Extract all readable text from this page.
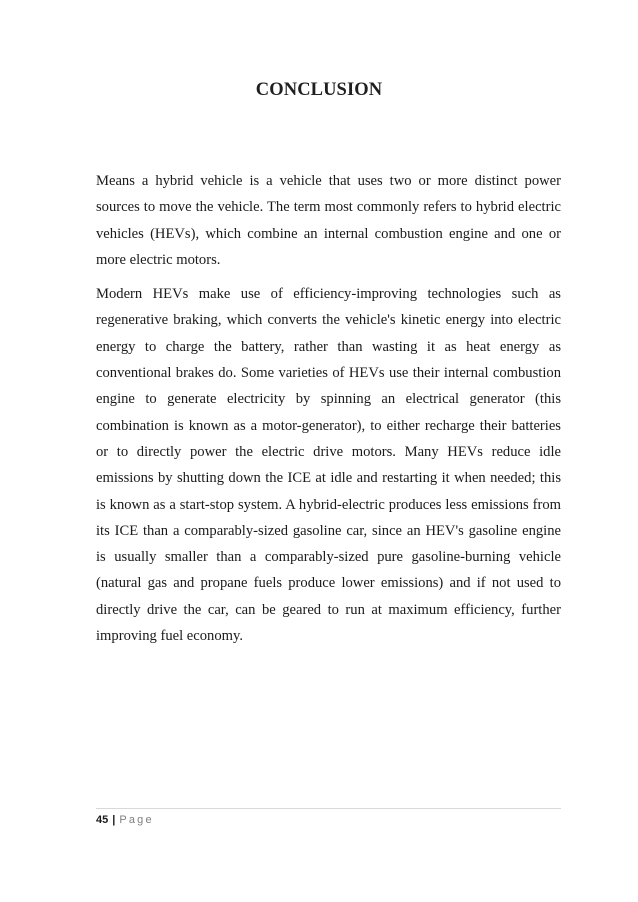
CONCLUSION

Means a hybrid vehicle is a vehicle that uses two or more distinct power sources to move the vehicle. The term most commonly refers to hybrid electric vehicles (HEVs), which combine an internal combustion engine and one or more electric motors.

Modern HEVs make use of efficiency-improving technologies such as regenerative braking, which converts the vehicle's kinetic energy into electric energy to charge the battery, rather than wasting it as heat energy as conventional brakes do. Some varieties of HEVs use their internal combustion engine to generate electricity by spinning an electrical generator (this combination is known as a motor-generator), to either recharge their batteries or to directly power the electric drive motors. Many HEVs reduce idle emissions by shutting down the ICE at idle and restarting it when needed; this is known as a start-stop system. A hybrid-electric produces less emissions from its ICE than a comparably-sized gasoline car, since an HEV's gasoline engine is usually smaller than a comparably-sized pure gasoline-burning vehicle (natural gas and propane fuels produce lower emissions) and if not used to directly drive the car, can be geared to run at maximum efficiency, further improving fuel economy.

45 | Page
